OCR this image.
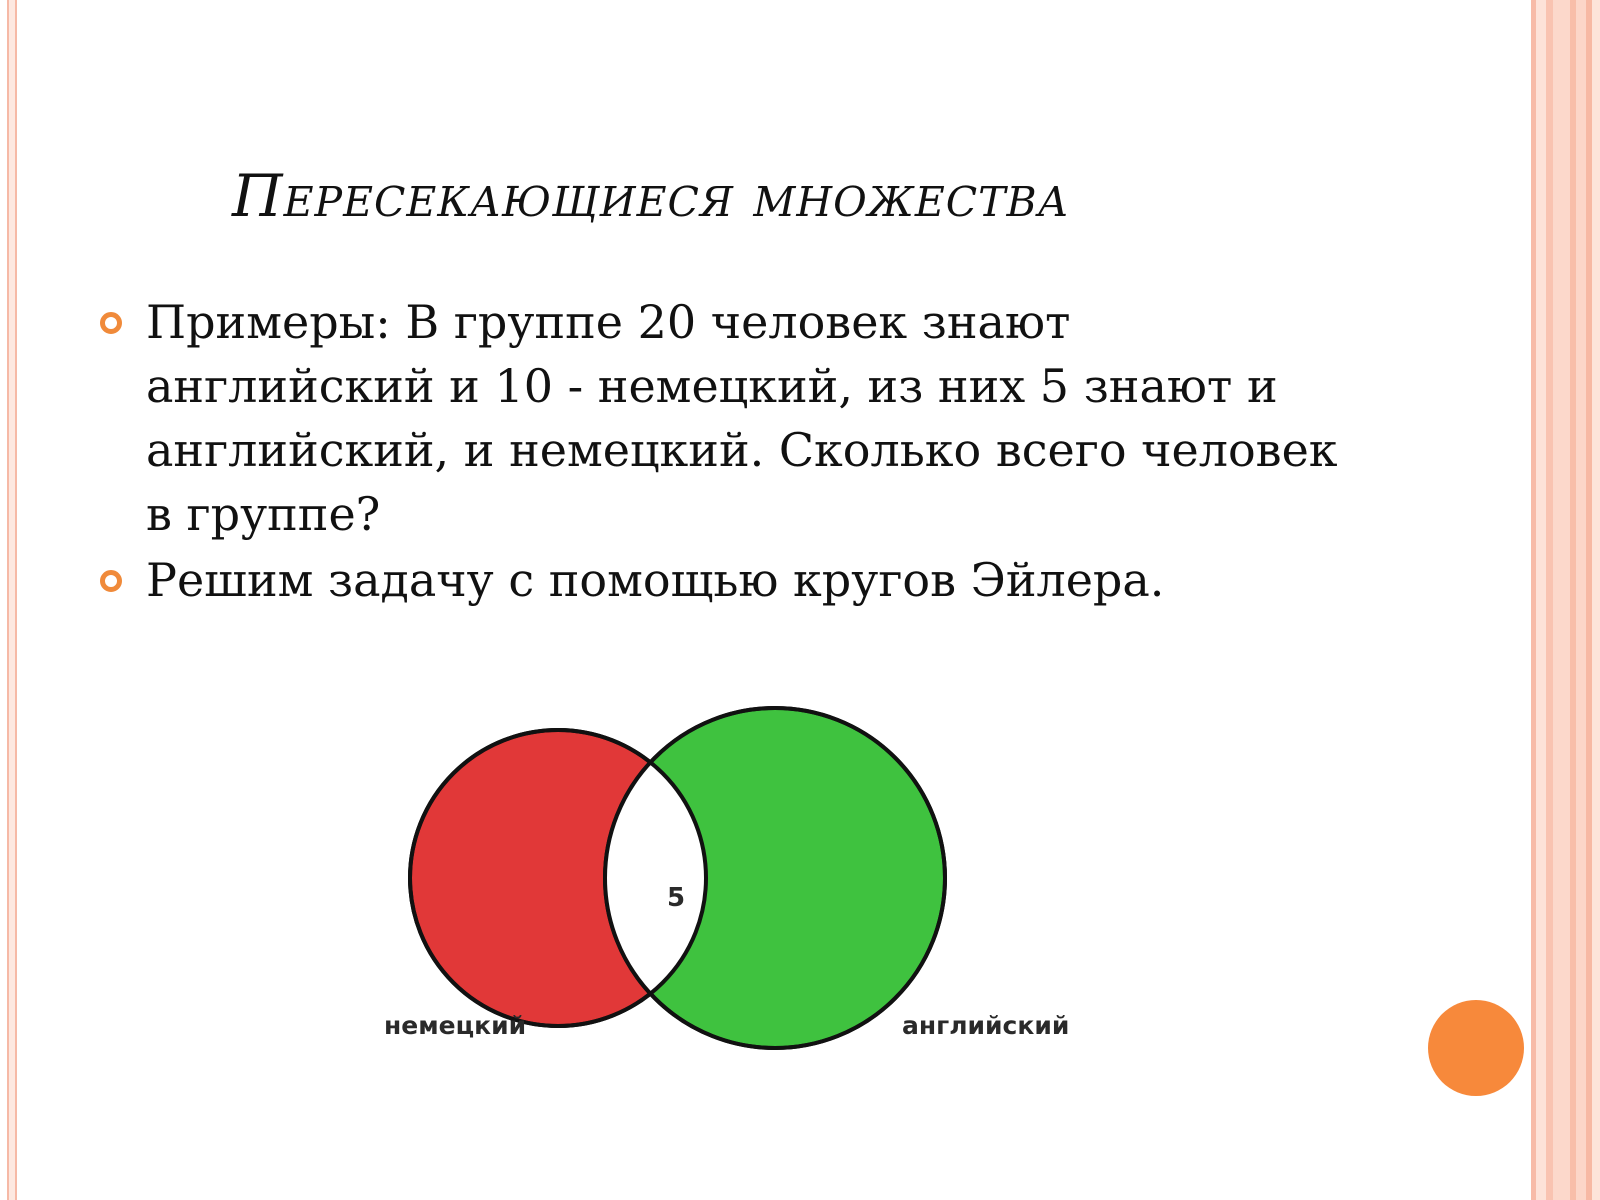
Пересекающиеся множества
Примеры: В группе 20 человек знают английский и 10 - немецкий, из них 5 знают и английский, и немецкий. Сколько всего человек в группе?
Решим задачу с помощью кругов Эйлера.
5
немецкий	английский
